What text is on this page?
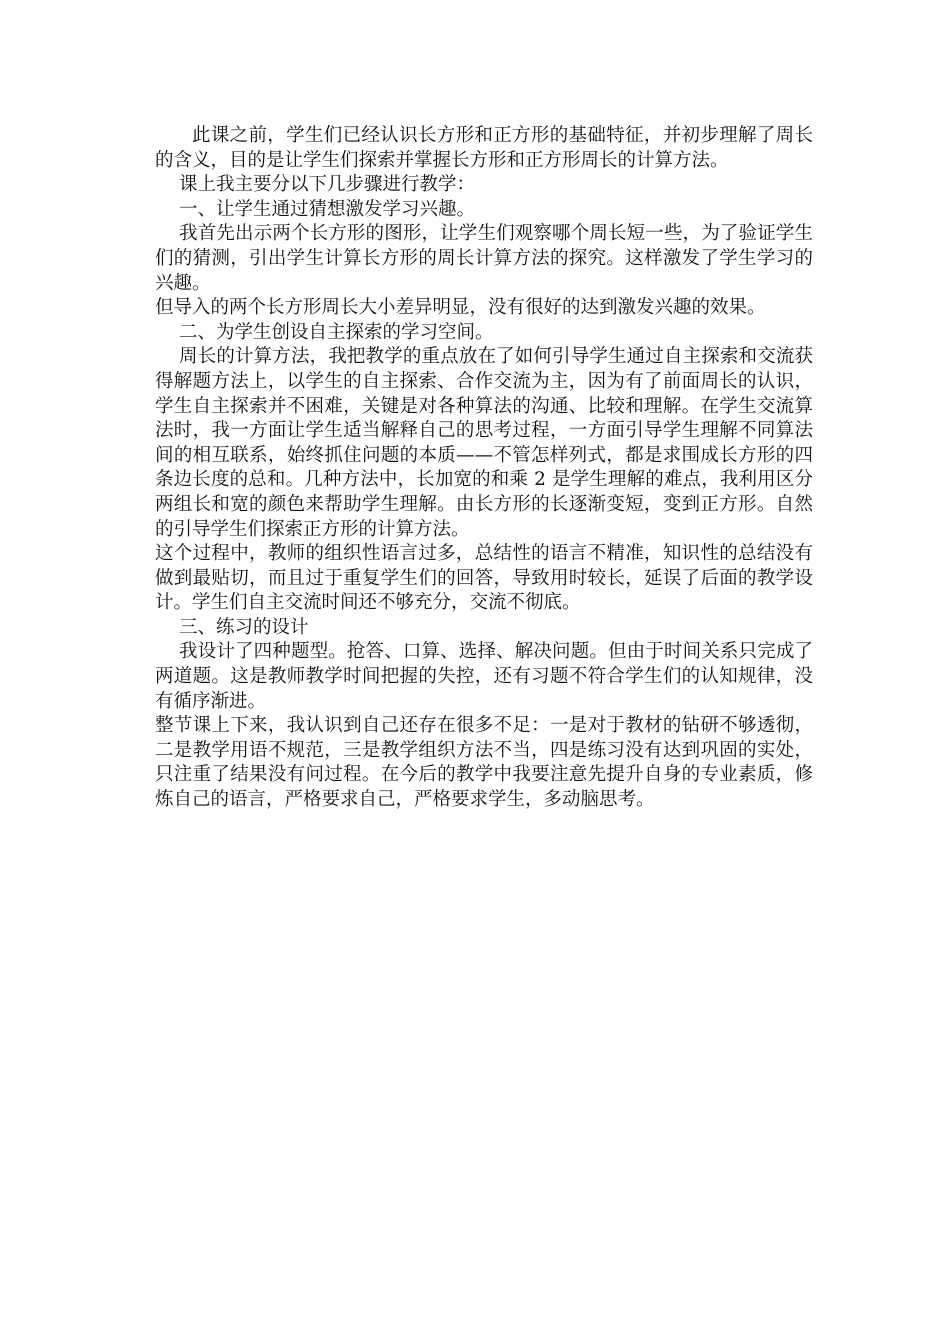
此课之前，学生们已经认识长方形和正方形的基础特征，并初步理解了周长的含义，目的是让学生们探索并掌握长方形和正方形周长的计算方法。

课上我主要分以下几步骤进行教学：

一、让学生通过猜想激发学习兴趣。

我首先出示两个长方形的图形，让学生们观察哪个周长短一些，为了验证学生们的猜测，引出学生计算长方形的周长计算方法的探究。这样激发了学生学习的兴趣。

但导入的两个长方形周长大小差异明显，没有很好的达到激发兴趣的效果。

二、为学生创设自主探索的学习空间。

周长的计算方法，我把教学的重点放在了如何引导学生通过自主探索和交流获得解题方法上，以学生的自主探索、合作交流为主，因为有了前面周长的认识，学生自主探索并不困难，关键是对各种算法的沟通、比较和理解。在学生交流算法时，我一方面让学生适当解释自己的思考过程，一方面引导学生理解不同算法间的相互联系，始终抓住问题的本质——不管怎样列式，都是求围成长方形的四条边长度的总和。几种方法中，长加宽的和乘 2 是学生理解的难点，我利用区分两组长和宽的颜色来帮助学生理解。由长方形的长逐渐变短，变到正方形。自然的引导学生们探索正方形的计算方法。

这个过程中，教师的组织性语言过多，总结性的语言不精准，知识性的总结没有做到最贴切，而且过于重复学生们的回答，导致用时较长，延误了后面的教学设计。学生们自主交流时间还不够充分，交流不彻底。

三、练习的设计

我设计了四种题型。抢答、口算、选择、解决问题。但由于时间关系只完成了两道题。这是教师教学时间把握的失控，还有习题不符合学生们的认知规律，没有循序渐进。

整节课上下来，我认识到自己还存在很多不足：一是对于教材的钻研不够透彻，二是教学用语不规范，三是教学组织方法不当，四是练习没有达到巩固的实处，只注重了结果没有问过程。在今后的教学中我要注意先提升自身的专业素质，修炼自己的语言，严格要求自己，严格要求学生，多动脑思考。
